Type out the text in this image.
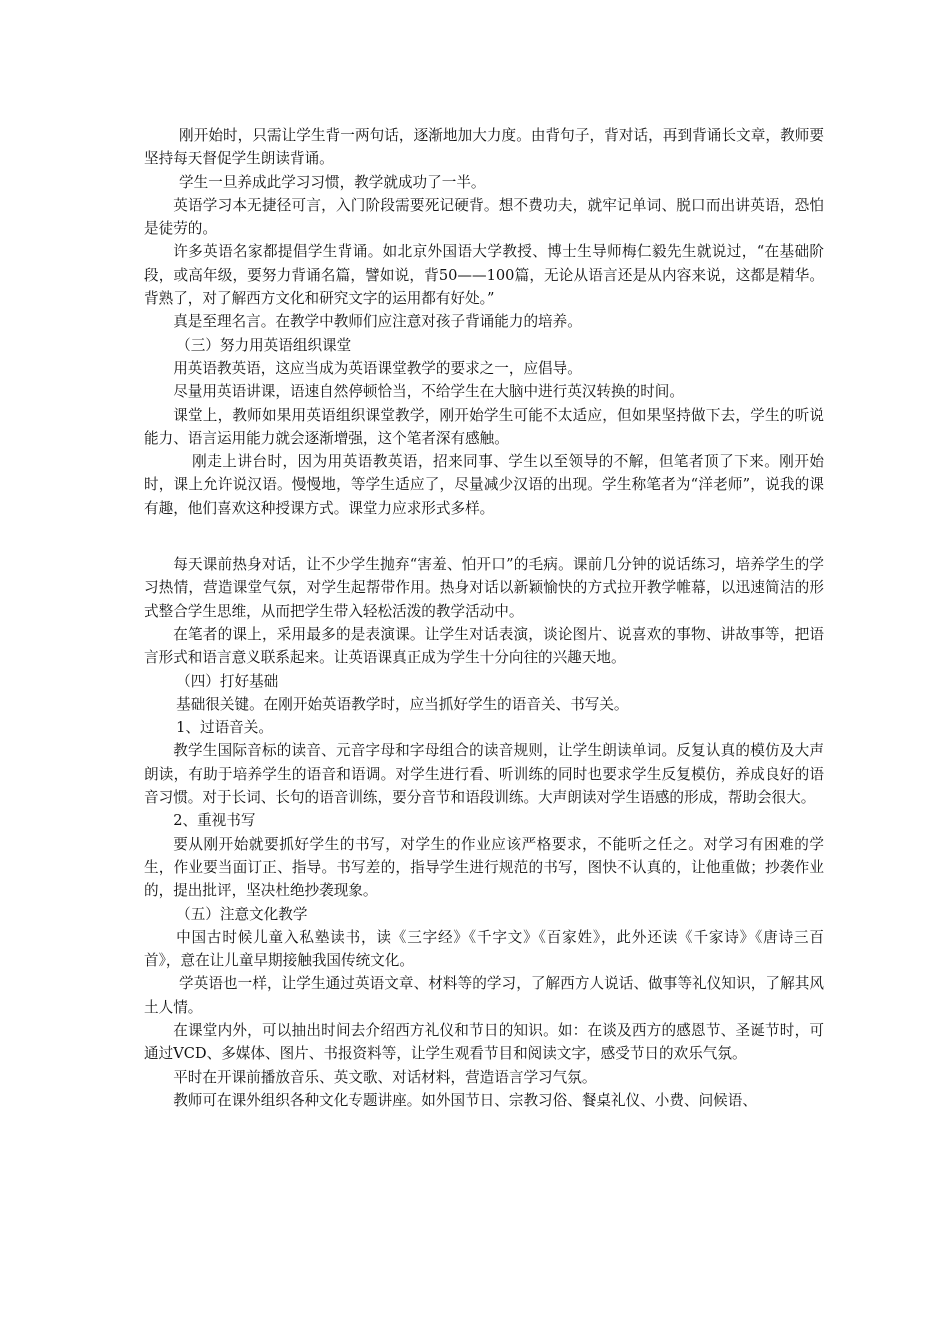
刚开始时，只需让学生背一两句话，逐渐地加大力度。由背句子，背对话，再到背诵长文章，教师要坚持每天督促学生朗读背诵。

学生一旦养成此学习习惯，教学就成功了一半。

英语学习本无捷径可言，入门阶段需要死记硬背。想不费功夫，就牢记单词、脱口而出讲英语，恐怕是徒劳的。

许多英语名家都提倡学生背诵。如北京外国语大学教授、博士生导师梅仁毅先生就说过，“在基础阶段，或高年级，要努力背诵名篇，譬如说，背50——100篇，无论从语言还是从内容来说，这都是精华。背熟了，对了解西方文化和研究文字的运用都有好处。”

真是至理名言。在教学中教师们应注意对孩子背诵能力的培养。

（三）努力用英语组织课堂

用英语教英语，这应当成为英语课堂教学的要求之一，应倡导。

尽量用英语讲课，语速自然停顿恰当，不给学生在大脑中进行英汉转换的时间。

课堂上，教师如果用英语组织课堂教学，刚开始学生可能不太适应，但如果坚持做下去，学生的听说能力、语言运用能力就会逐渐增强，这个笔者深有感触。

刚走上讲台时，因为用英语教英语，招来同事、学生以至领导的不解，但笔者顶了下来。刚开始时，课上允许说汉语。慢慢地，等学生适应了，尽量减少汉语的出现。学生称笔者为“洋老师”，说我的课有趣，他们喜欢这种授课方式。课堂力应求形式多样。

每天课前热身对话，让不少学生抛弃“害羞、怕开口”的毛病。课前几分钟的说话练习，培养学生的学习热情，营造课堂气氛，对学生起帮带作用。热身对话以新颖愉快的方式拉开教学帷幕，以迅速简洁的形式整合学生思维，从而把学生带入轻松活泼的教学活动中。

在笔者的课上，采用最多的是表演课。让学生对话表演，谈论图片、说喜欢的事物、讲故事等，把语言形式和语言意义联系起来。让英语课真正成为学生十分向往的兴趣天地。

（四）打好基础

基础很关键。在刚开始英语教学时，应当抓好学生的语音关、书写关。

1、过语音关。

教学生国际音标的读音、元音字母和字母组合的读音规则，让学生朗读单词。反复认真的模仿及大声朗读，有助于培养学生的语音和语调。对学生进行看、听训练的同时也要求学生反复模仿，养成良好的语音习惯。对于长词、长句的语音训练，要分音节和语段训练。大声朗读对学生语感的形成，帮助会很大。

2、重视书写

要从刚开始就要抓好学生的书写，对学生的作业应该严格要求，不能听之任之。对学习有困难的学生，作业要当面订正、指导。书写差的，指导学生进行规范的书写，图快不认真的，让他重做；抄袭作业的，提出批评，坚决杜绝抄袭现象。

（五）注意文化教学

中国古时候儿童入私塾读书，读《三字经》《千字文》《百家姓》，此外还读《千家诗》《唐诗三百首》，意在让儿童早期接触我国传统文化。

学英语也一样，让学生通过英语文章、材料等的学习，了解西方人说话、做事等礼仪知识，了解其风土人情。

在课堂内外，可以抽出时间去介绍西方礼仪和节日的知识。如：在谈及西方的感恩节、圣诞节时，可通过VCD、多媒体、图片、书报资料等，让学生观看节目和阅读文字，感受节日的欢乐气氛。

平时在开课前播放音乐、英文歌、对话材料，营造语言学习气氛。

教师可在课外组织各种文化专题讲座。如外国节日、宗教习俗、餐桌礼仪、小费、问候语、
